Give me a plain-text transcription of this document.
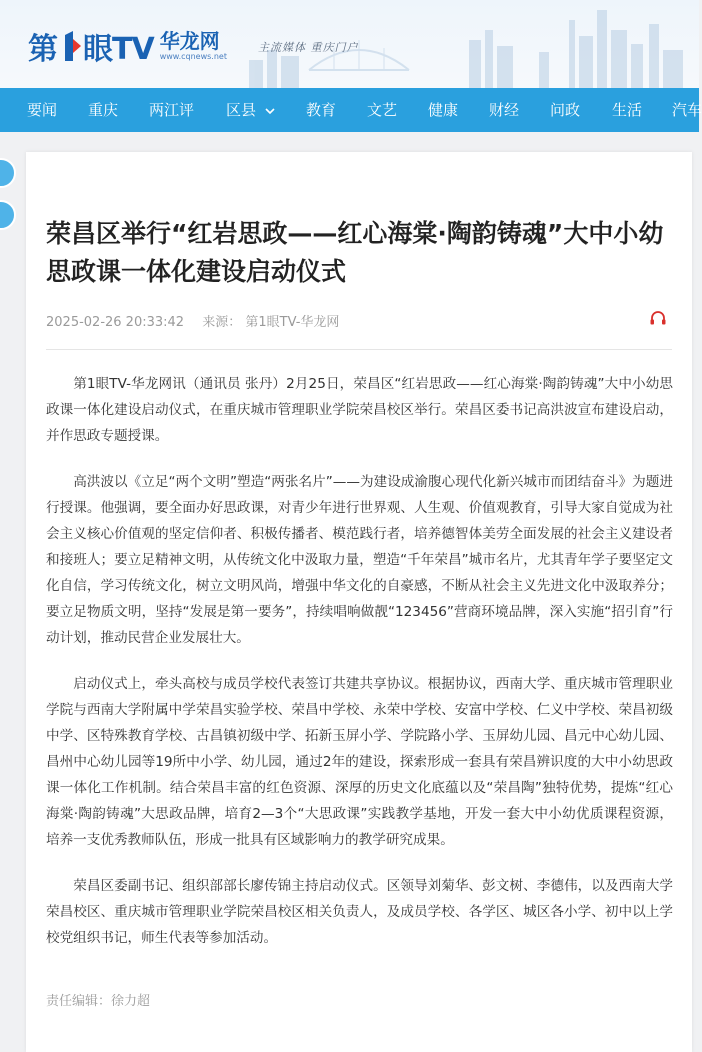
第 眼TV 华龙网
www.cqnews.net
主流媒体 重庆门户
要闻 重庆 两江评 区县	教育 文艺 健康 财经 问政 生活 汽车
荣昌区举行“红岩思政——红心海棠·陶韵铸魂”大中小幼思政课一体化建设启动仪式
2025-02-26 20:33:42 来源： 第1眼TV-华龙网

第1眼TV-华龙网讯（通讯员 张丹）2月25日，荣昌区“红岩思政——红心海棠·陶韵铸魂”大中小幼思政课一体化建设启动仪式，在重庆城市管理职业学院荣昌校区举行。荣昌区委书记高洪波宣布建设启动，并作思政专题授课。

高洪波以《立足“两个文明”塑造“两张名片”——为建设成渝腹心现代化新兴城市而团结奋斗》为题进行授课。他强调，要全面办好思政课，对青少年进行世界观、人生观、价值观教育，引导大家自觉成为社会主义核心价值观的坚定信仰者、积极传播者、模范践行者，培养德智体美劳全面发展的社会主义建设者和接班人；要立足精神文明，从传统文化中汲取力量，塑造“千年荣昌”城市名片，尤其青年学子要坚定文化自信，学习传统文化，树立文明风尚，增强中华文化的自豪感，不断从社会主义先进文化中汲取养分；要立足物质文明，坚持“发展是第一要务”，持续唱响做靓“123456”营商环境品牌，深入实施“招引育”行动计划，推动民营企业发展壮大。

启动仪式上，牵头高校与成员学校代表签订共建共享协议。根据协议，西南大学、重庆城市管理职业学院与西南大学附属中学荣昌实验学校、荣昌中学校、永荣中学校、安富中学校、仁义中学校、荣昌初级中学、区特殊教育学校、古昌镇初级中学、拓新玉屏小学、学院路小学、玉屏幼儿园、昌元中心幼儿园、昌州中心幼儿园等19所中小学、幼儿园，通过2年的建设，探索形成一套具有荣昌辨识度的大中小幼思政课一体化工作机制。结合荣昌丰富的红色资源、深厚的历史文化底蕴以及“荣昌陶”独特优势，提炼“红心海棠·陶韵铸魂”大思政品牌，培育2—3个“大思政课”实践教学基地，开发一套大中小幼优质课程资源，培养一支优秀教师队伍，形成一批具有区域影响力的教学研究成果。

荣昌区委副书记、组织部部长廖传锦主持启动仪式。区领导刘菊华、彭文树、李德伟，以及西南大学荣昌校区、重庆城市管理职业学院荣昌校区相关负责人，及成员学校、各学区、城区各小学、初中以上学校党组织书记，师生代表等参加活动。

责任编辑：徐力超
